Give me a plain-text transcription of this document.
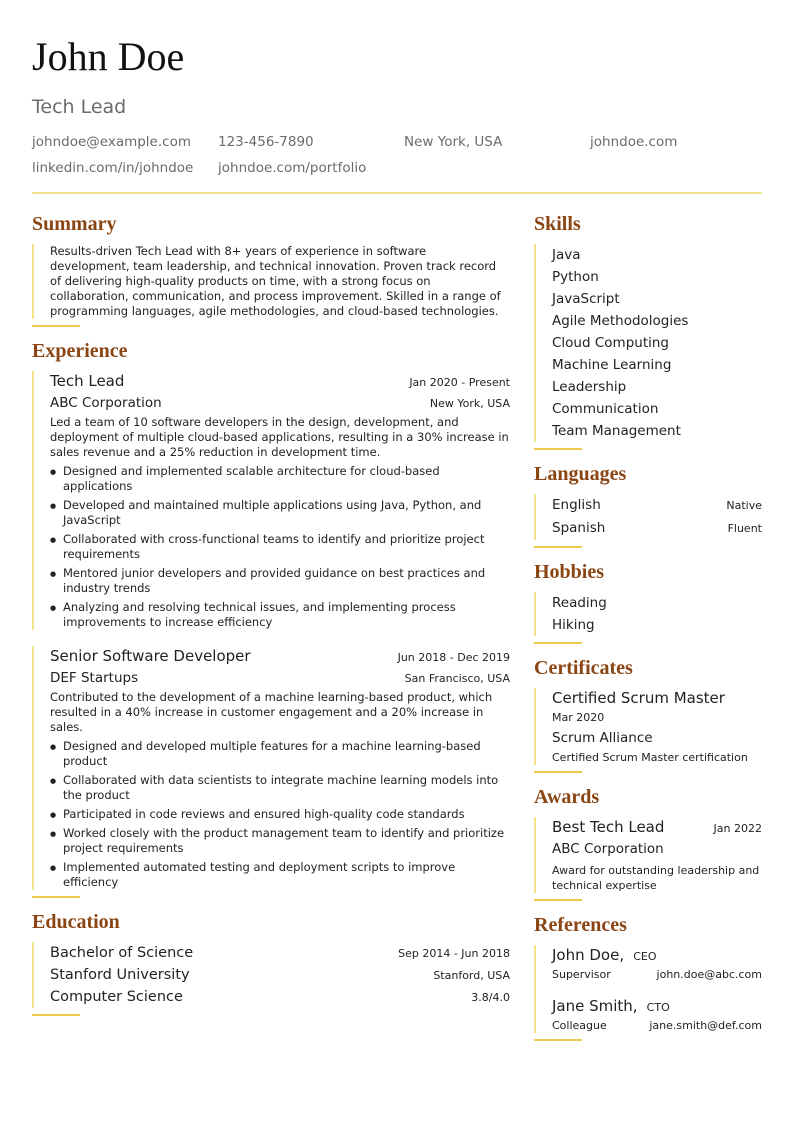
John Doe
Tech Lead
johndoe@example.com	123-456-7890	New York, USA	johndoe.com
linkedin.com/in/johndoe	johndoe.com/portfolio
Summary

Results-driven Tech Lead with 8+ years of experience in software development, team leadership, and technical innovation. Proven track record of delivering high-quality products on time, with a strong focus on collaboration, communication, and process improvement. Skilled in a range of programming languages, agile methodologies, and cloud-based technologies.

Experience
Tech Lead	Jan 2020 - Present
ABC Corporation	New York, USA

Led a team of 10 software developers in the design, development, and deployment of multiple cloud-based applications, resulting in a 30% increase in sales revenue and a 25% reduction in development time.

● Designed and implemented scalable architecture for cloud-based applications
● Developed and maintained multiple applications using Java, Python, and JavaScript
● Collaborated with cross-functional teams to identify and prioritize project requirements
● Mentored junior developers and provided guidance on best practices and industry trends
● Analyzing and resolving technical issues, and implementing process improvements to increase efficiency
Senior Software Developer	Jun 2018 - Dec 2019
DEF Startups	San Francisco, USA

Contributed to the development of a machine learning-based product, which resulted in a 40% increase in customer engagement and a 20% increase in sales.

● Designed and developed multiple features for a machine learning-based product
● Collaborated with data scientists to integrate machine learning models into the product
● Participated in code reviews and ensured high-quality code standards
● Worked closely with the product management team to identify and prioritize project requirements
● Implemented automated testing and deployment scripts to improve efficiency
Education
Bachelor of Science	Sep 2014 - Jun 2018
Stanford University	Stanford, USA
Computer Science	3.8/4.0
Skills
Java
Python
JavaScript
Agile Methodologies
Cloud Computing
Machine Learning
Leadership
Communication
Team Management
Languages
English	Native
Spanish	Fluent
Hobbies
Reading
Hiking
Certificates
Certified Scrum Master
Mar 2020
Scrum Alliance
Certified Scrum Master certification
Awards
Best Tech Lead	Jan 2022
ABC Corporation
Award for outstanding leadership and technical expertise
References
John Doe, CEO
Supervisor	john.doe@abc.com
Jane Smith, CTO
Colleague	jane.smith@def.com
